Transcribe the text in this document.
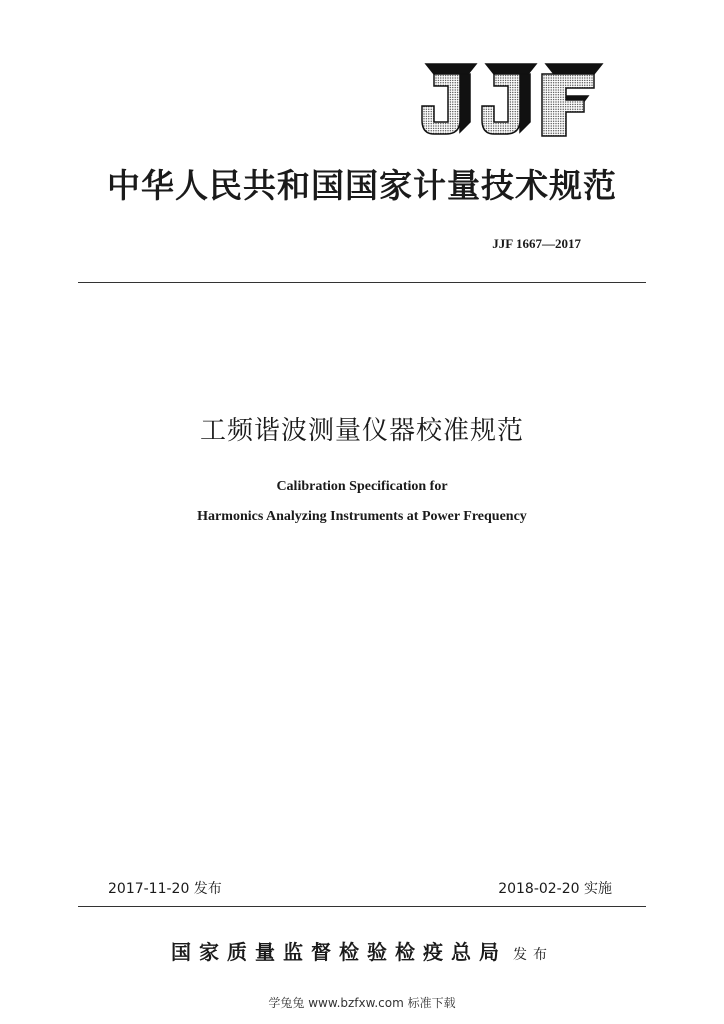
中华人民共和国国家计量技术规范
JJF 1667—2017
工频谐波测量仪器校准规范
Calibration Specification for
Harmonics Analyzing Instruments at Power Frequency
2017-11-20 发布	2018-02-20 实施
国家质量监督检验检疫总局 发布
学兔兔 www.bzfxw.com 标准下载
